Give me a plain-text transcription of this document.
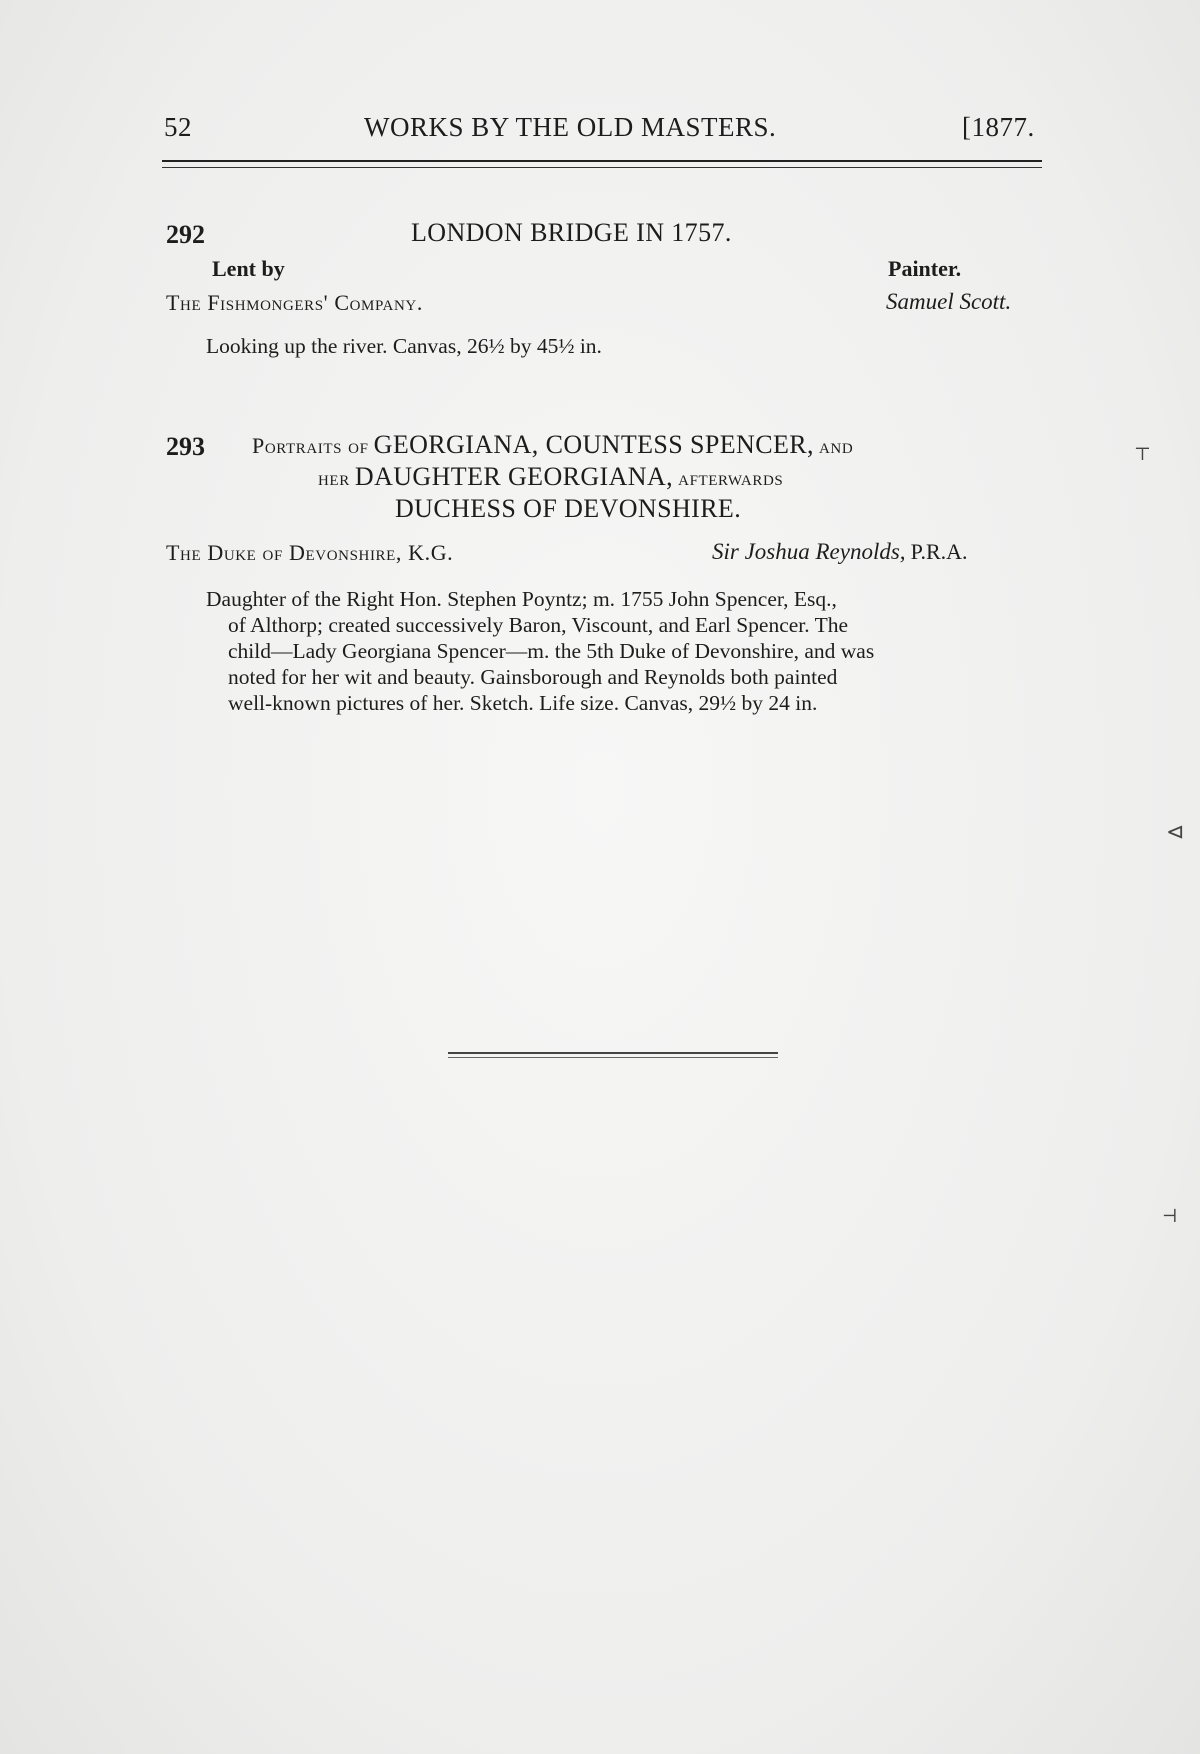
52	WORKS BY THE OLD MASTERS.	[1877.
292	LONDON BRIDGE IN 1757.
Lent by	Painter.
The Fishmongers' Company.	Samuel Scott.
Looking up the river. Canvas, 26½ by 45½ in.
293 Portraits of GEORGIANA, COUNTESS SPENCER, and
her DAUGHTER GEORGIANA, afterwards
DUCHESS OF DEVONSHIRE.
The Duke of Devonshire, K.G.	Sir Joshua Reynolds, P.R.A.
Daughter of the Right Hon. Stephen Poyntz; m. 1755 John Spencer, Esq.,
of Althorp; created successively Baron, Viscount, and Earl Spencer. The
child—Lady Georgiana Spencer—m. the 5th Duke of Devonshire, and was
noted for her wit and beauty. Gainsborough and Reynolds both painted
well-known pictures of her. Sketch. Life size. Canvas, 29½ by 24 in.
⊤
⊲
⊣
